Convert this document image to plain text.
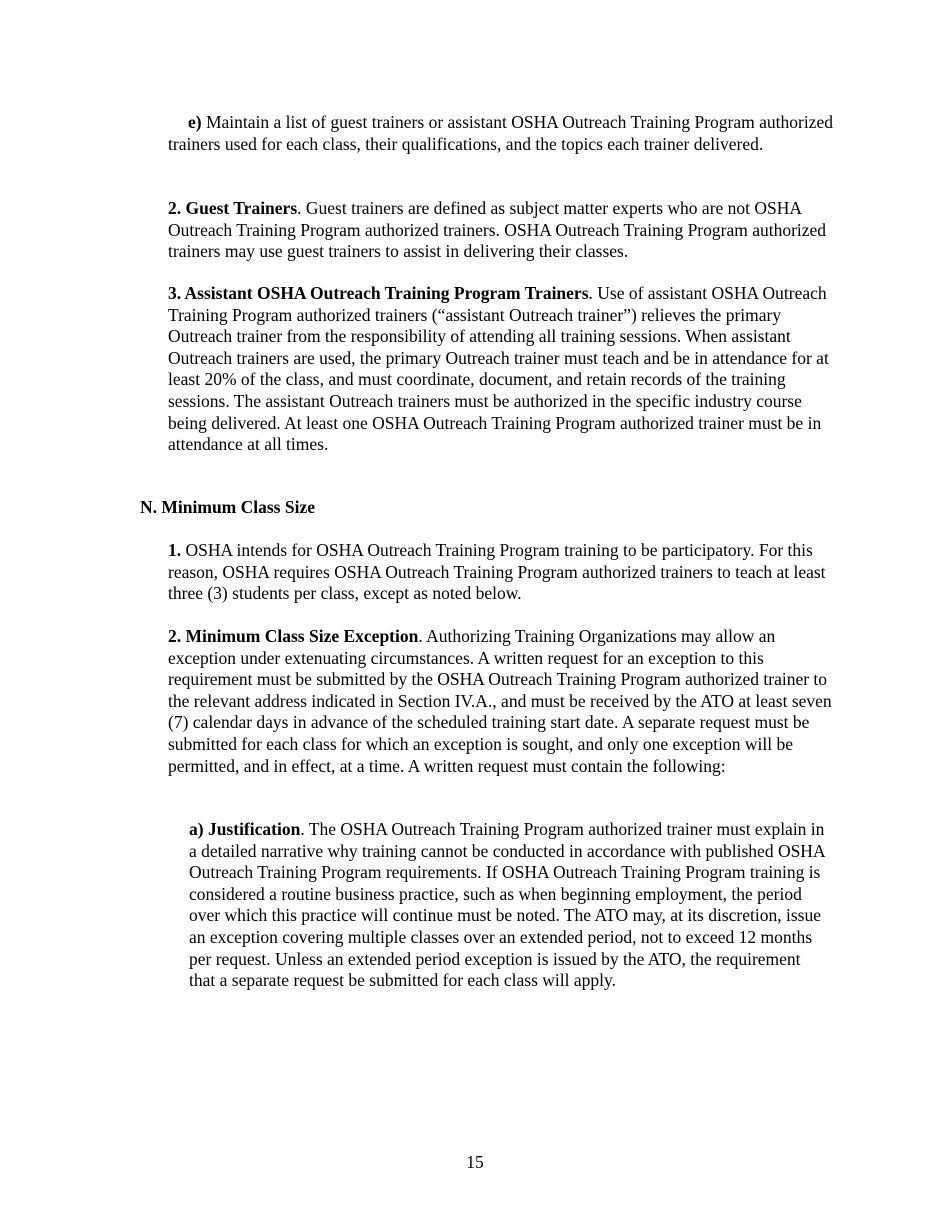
e) Maintain a list of guest trainers or assistant OSHA Outreach Training Program authorized trainers used for each class, their qualifications, and the topics each trainer delivered.

2. Guest Trainers. Guest trainers are defined as subject matter experts who are not OSHA Outreach Training Program authorized trainers. OSHA Outreach Training Program authorized trainers may use guest trainers to assist in delivering their classes.

3. Assistant OSHA Outreach Training Program Trainers. Use of assistant OSHA Outreach Training Program authorized trainers (“assistant Outreach trainer”) relieves the primary Outreach trainer from the responsibility of attending all training sessions. When assistant Outreach trainers are used, the primary Outreach trainer must teach and be in attendance for at least 20% of the class, and must coordinate, document, and retain records of the training sessions. The assistant Outreach trainers must be authorized in the specific industry course being delivered. At least one OSHA Outreach Training Program authorized trainer must be in attendance at all times.

N. Minimum Class Size

1. OSHA intends for OSHA Outreach Training Program training to be participatory. For this reason, OSHA requires OSHA Outreach Training Program authorized trainers to teach at least three (3) students per class, except as noted below.

2. Minimum Class Size Exception. Authorizing Training Organizations may allow an exception under extenuating circumstances. A written request for an exception to this requirement must be submitted by the OSHA Outreach Training Program authorized trainer to the relevant address indicated in Section IV.A., and must be received by the ATO at least seven (7) calendar days in advance of the scheduled training start date. A separate request must be submitted for each class for which an exception is sought, and only one exception will be permitted, and in effect, at a time. A written request must contain the following:

a) Justification. The OSHA Outreach Training Program authorized trainer must explain in a detailed narrative why training cannot be conducted in accordance with published OSHA Outreach Training Program requirements. If OSHA Outreach Training Program training is considered a routine business practice, such as when beginning employment, the period over which this practice will continue must be noted. The ATO may, at its discretion, issue an exception covering multiple classes over an extended period, not to exceed 12 months per request. Unless an extended period exception is issued by the ATO, the requirement that a separate request be submitted for each class will apply.

15
